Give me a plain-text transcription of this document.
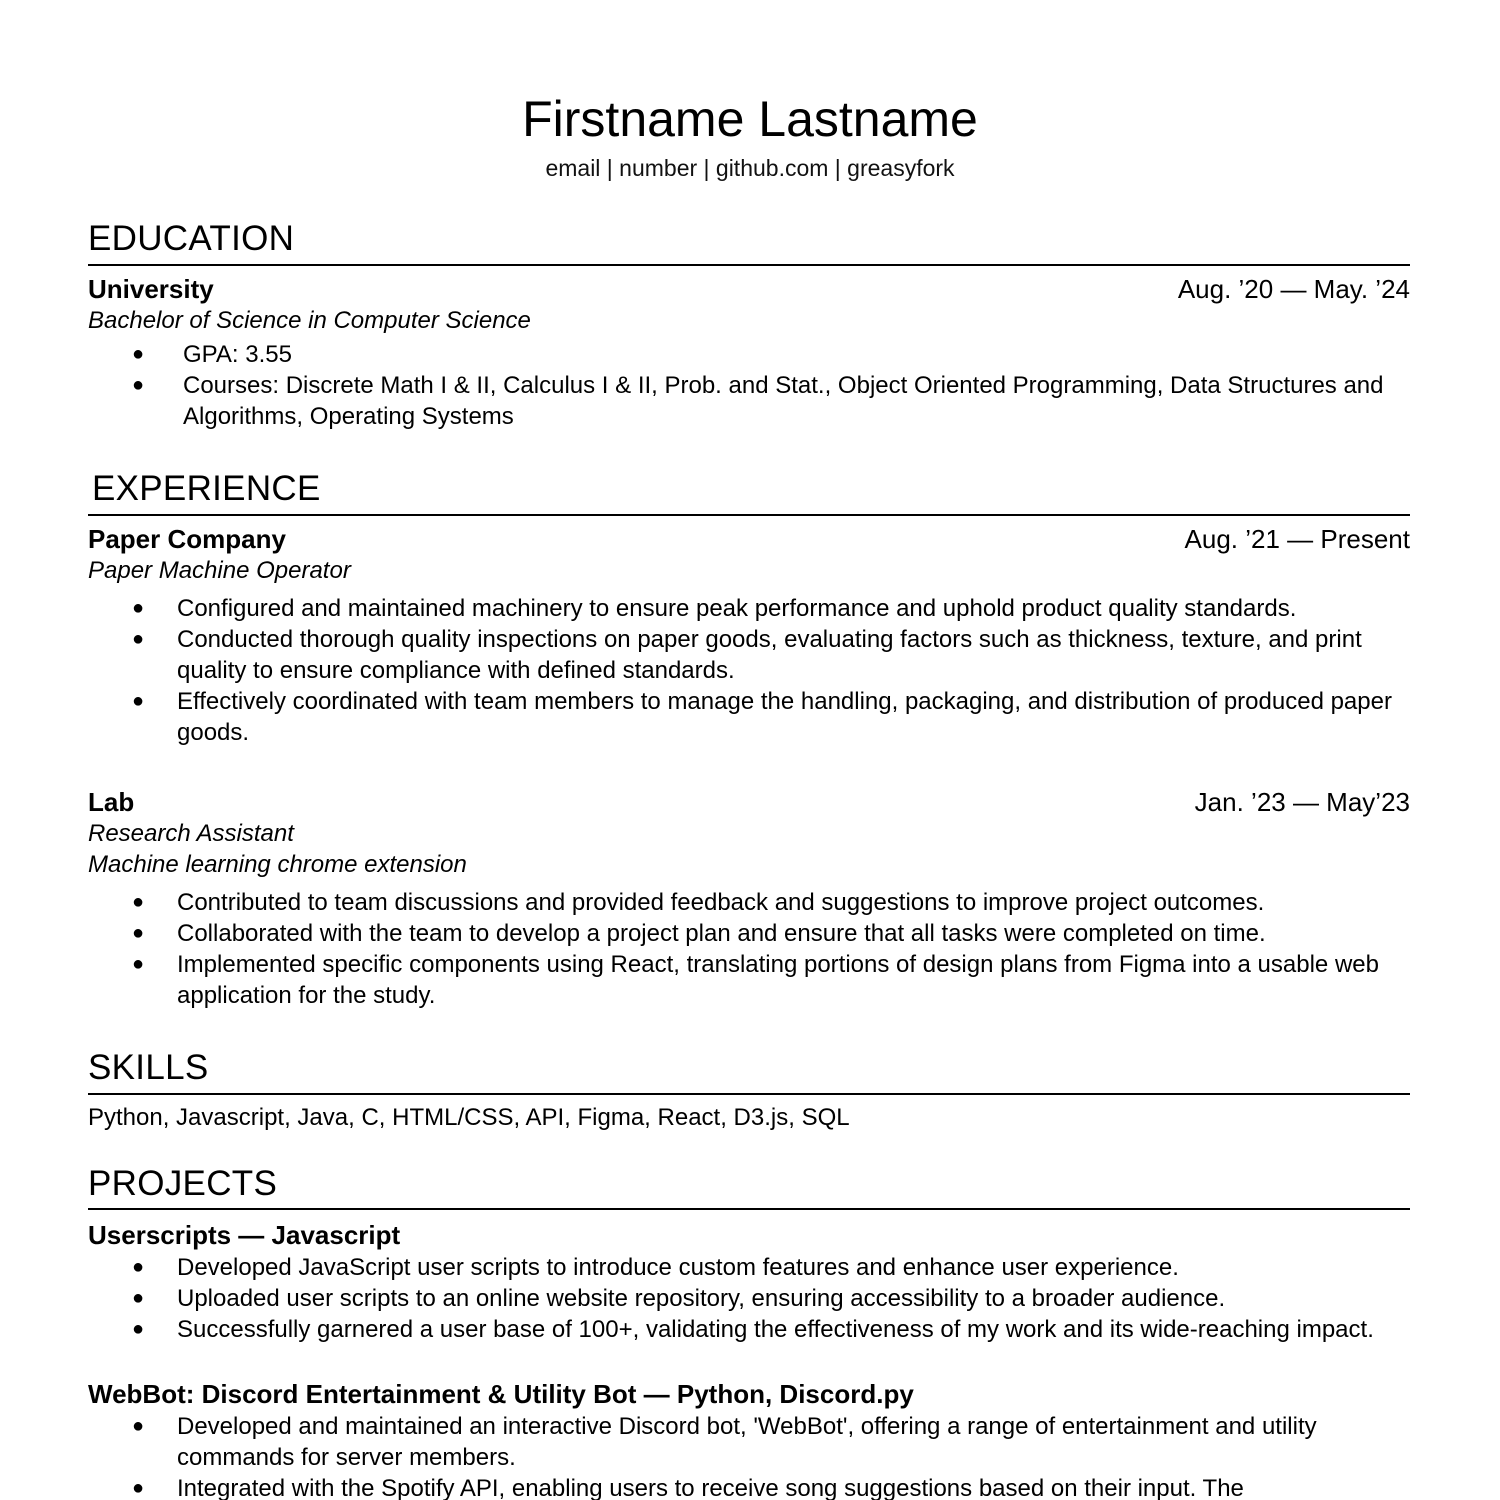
Firstname Lastname
email | number | github.com | greasyfork
EDUCATION
University	Aug. ’20 — May. ’24
Bachelor of Science in Computer Science
● GPA: 3.55
● Courses: Discrete Math I & II, Calculus I & II, Prob. and Stat., Object Oriented Programming, Data Structures and Algorithms, Operating Systems
EXPERIENCE
Paper Company	Aug. ’21 — Present
Paper Machine Operator
● Configured and maintained machinery to ensure peak performance and uphold product quality standards.
● Conducted thorough quality inspections on paper goods, evaluating factors such as thickness, texture, and print quality to ensure compliance with defined standards.
● Effectively coordinated with team members to manage the handling, packaging, and distribution of produced paper goods.
Lab	Jan. ’23 — May’23
Research Assistant
Machine learning chrome extension
● Contributed to team discussions and provided feedback and suggestions to improve project outcomes.
● Collaborated with the team to develop a project plan and ensure that all tasks were completed on time.
● Implemented specific components using React, translating portions of design plans from Figma into a usable web application for the study.
SKILLS
Python, Javascript, Java, C, HTML/CSS, API, Figma, React, D3.js, SQL
PROJECTS
Userscripts — Javascript
● Developed JavaScript user scripts to introduce custom features and enhance user experience.
● Uploaded user scripts to an online website repository, ensuring accessibility to a broader audience.
● Successfully garnered a user base of 100+, validating the effectiveness of my work and its wide-reaching impact.
WebBot: Discord Entertainment & Utility Bot — Python, Discord.py
● Developed and maintained an interactive Discord bot, 'WebBot', offering a range of entertainment and utility commands for server members.
● Integrated with the Spotify API, enabling users to receive song suggestions based on their input. The
